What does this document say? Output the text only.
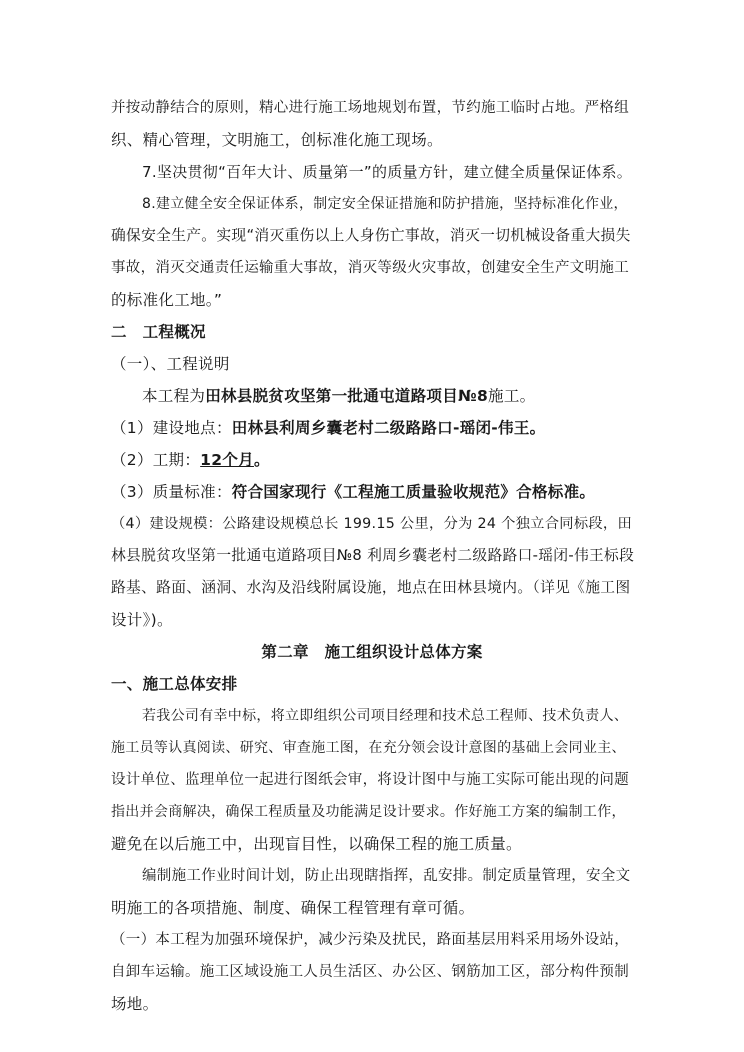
并按动静结合的原则，精心进行施工场地规划布置，节约施工临时占地。严格组
织、精心管理，文明施工，创标准化施工现场。
7.坚决贯彻“百年大计、质量第一”的质量方针，建立健全质量保证体系。
8.建立健全安全保证体系，制定安全保证措施和防护措施，坚持标准化作业，
确保安全生产。实现“消灭重伤以上人身伤亡事故，消灭一切机械设备重大损失
事故，消灭交通责任运输重大事故，消灭等级火灾事故，创建安全生产文明施工
的标准化工地。”
二　工程概况
（一）、工程说明
本工程为田林县脱贫攻坚第一批通屯道路项目№8施工。
（1）建设地点：田林县利周乡囊老村二级路路口-瑶闭-伟王。
（2）工期：12个月。
（3）质量标准：符合国家现行《工程施工质量验收规范》合格标准。
（4）建设规模：公路建设规模总长 199.15 公里，分为 24 个独立合同标段，田
林县脱贫攻坚第一批通屯道路项目№8 利周乡囊老村二级路路口-瑶闭-伟王标段
路基、路面、涵洞、水沟及沿线附属设施，地点在田林县境内。（详见《施工图
设计》)。
第二章　施工组织设计总体方案
一、施工总体安排
若我公司有幸中标，将立即组织公司项目经理和技术总工程师、技术负责人、
施工员等认真阅读、研究、审查施工图，在充分领会设计意图的基础上会同业主、
设计单位、监理单位一起进行图纸会审，将设计图中与施工实际可能出现的问题
指出并会商解决，确保工程质量及功能满足设计要求。作好施工方案的编制工作，
避免在以后施工中，出现盲目性，以确保工程的施工质量。
编制施工作业时间计划，防止出现瞎指挥，乱安排。制定质量管理，安全文
明施工的各项措施、制度、确保工程管理有章可循。
（一）本工程为加强环境保护，减少污染及扰民，路面基层用料采用场外设站，
自卸车运输。施工区域设施工人员生活区、办公区、钢筋加工区，部分构件预制
场地。
